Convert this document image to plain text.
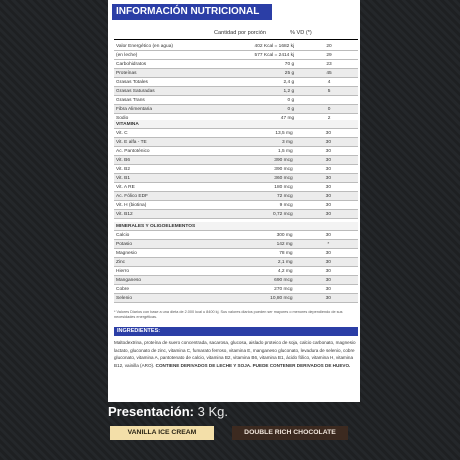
INFORMACIÓN NUTRICIONAL
Cantidad por porción	% VD (*)
Valor Energético (en agua)	402 Kcal = 1682 kj	20
(en leche)	577 Kcal = 2414 kj	29
Carbohidratos	70 g	23
Proteínas	25 g	45
Grasas Totales	2,4 g	4
Grasas Saturadas	1,2 g	5
Grasas Trans	0 g	
Fibra Alimentaria	0 g	0
Sodio	47 mg	2
VITAMINA		
Vit. C	13,5 mg	30
Vit. E alfa - TE	3 mg	30
Ac. Pantoténico	1,5 mg	30
Vit. B6	390 mcg	30
Vit. B2	390 mcg	30
Vit. B1	360 mcg	30
Vit. A RE	180 mcg	30
Ac. Fólico EDF	72 mcg	30
Vit. H (biotina)	9 mcg	30
Vit. B12	0,72 mcg	30
MINERALES Y OLIGOELEMENTOS		
Calcio	300 mg	30
Potasio	142 mg	*
Magnesio	78 mg	30
Zinc	2,1 mg	30
Hierro	4,2 mg	30
Manganeso	690 mcg	30
Cobre	270 mcg	30
Selenio	10,80 mcg	30
* Valores Diarios con base a una dieta de 2.000 kcal u 8400 kj. Sus valores diarios pueden ser mayores o menores dependiendo de sus necesidades energéticas.
INGREDIENTES:
Maltodextrina, proteína de suero concentrada, sacarosa, glucosa, aislado proteico de soja, calcio carbonato, magnesio lactato, gluconato de zinc, vitamina C, fumarato ferroso, vitamina E, manganeso gluconato, levadura de selenio, cobre gluconato, vitamina A, pantotenato de calcio, vitamina B2, vitamina B6, vitamina B1, ácido fólico, vitamina H, vitamina B12, vainilla (ARO). CONTIENE DERIVADOS DE LECHE Y SOJA. PUEDE CONTENER DERIVADOS DE HUEVO.
Presentación: 3 Kg.
VANILLA ICE CREAM	DOUBLE RICH CHOCOLATE
